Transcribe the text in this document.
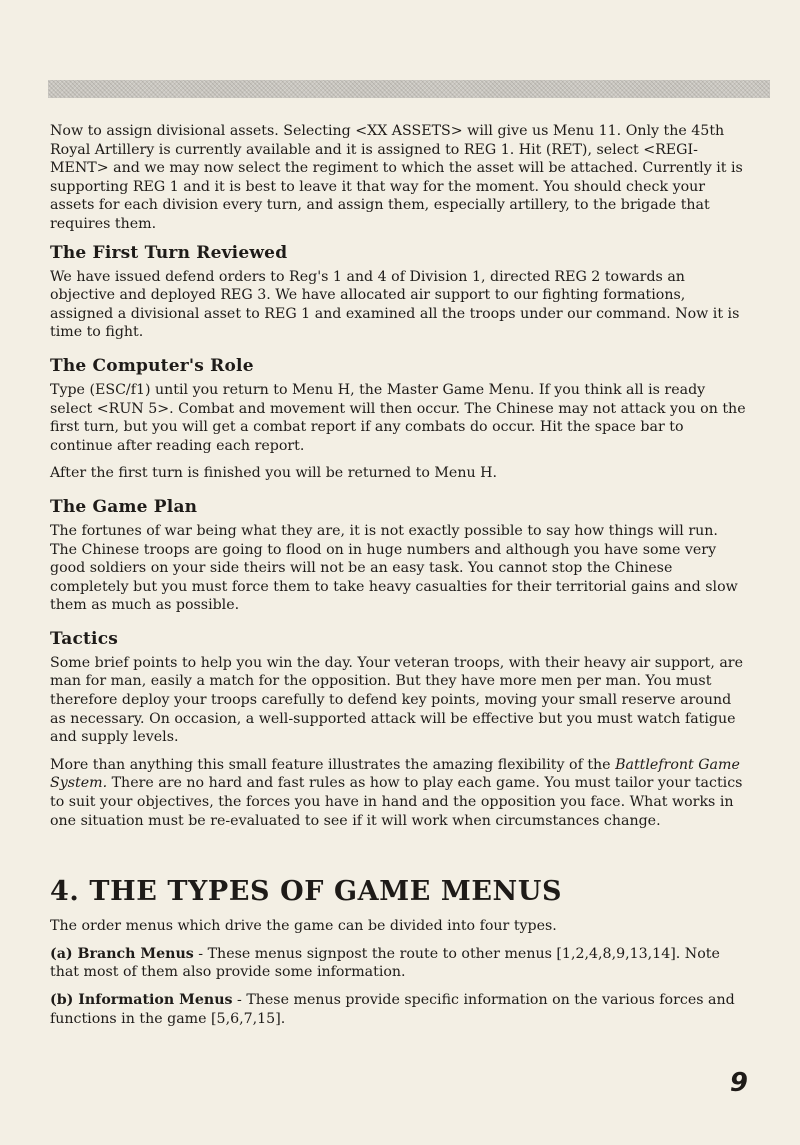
Now to assign divisional assets. Selecting <XX ASSETS> will give us Menu 11. Only the 45th Royal Artillery is currently available and it is assigned to REG 1. Hit (RET), select <REGI-MENT> and we may now select the regiment to which the asset will be attached. Currently it is supporting REG 1 and it is best to leave it that way for the moment. You should check your assets for each division every turn, and assign them, especially artillery, to the brigade that requires them.

The First Turn Reviewed

We have issued defend orders to Reg's 1 and 4 of Division 1, directed REG 2 towards an objective and deployed REG 3. We have allocated air support to our fighting formations, assigned a divisional asset to REG 1 and examined all the troops under our command. Now it is time to fight.

The Computer's Role

Type (ESC/f1) until you return to Menu H, the Master Game Menu. If you think all is ready select <RUN 5>. Combat and movement will then occur. The Chinese may not attack you on the first turn, but you will get a combat report if any combats do occur. Hit the space bar to continue after reading each report.

After the first turn is finished you will be returned to Menu H.

The Game Plan

The fortunes of war being what they are, it is not exactly possible to say how things will run. The Chinese troops are going to flood on in huge numbers and although you have some very good soldiers on your side theirs will not be an easy task. You cannot stop the Chinese completely but you must force them to take heavy casualties for their territorial gains and slow them as much as possible.

Tactics

Some brief points to help you win the day. Your veteran troops, with their heavy air support, are man for man, easily a match for the opposition. But they have more men per man. You must therefore deploy your troops carefully to defend key points, moving your small reserve around as necessary. On occasion, a well-supported attack will be effective but you must watch fatigue and supply levels.

More than anything this small feature illustrates the amazing flexibility of the Battlefront Game System. There are no hard and fast rules as how to play each game. You must tailor your tactics to suit your objectives, the forces you have in hand and the opposition you face. What works in one situation must be re-evaluated to see if it will work when circumstances change.

4. THE TYPES OF GAME MENUS

The order menus which drive the game can be divided into four types.

(a) Branch Menus - These menus signpost the route to other menus [1,2,4,8,9,13,14]. Note that most of them also provide some information.

(b) Information Menus - These menus provide specific information on the various forces and functions in the game [5,6,7,15].

9
